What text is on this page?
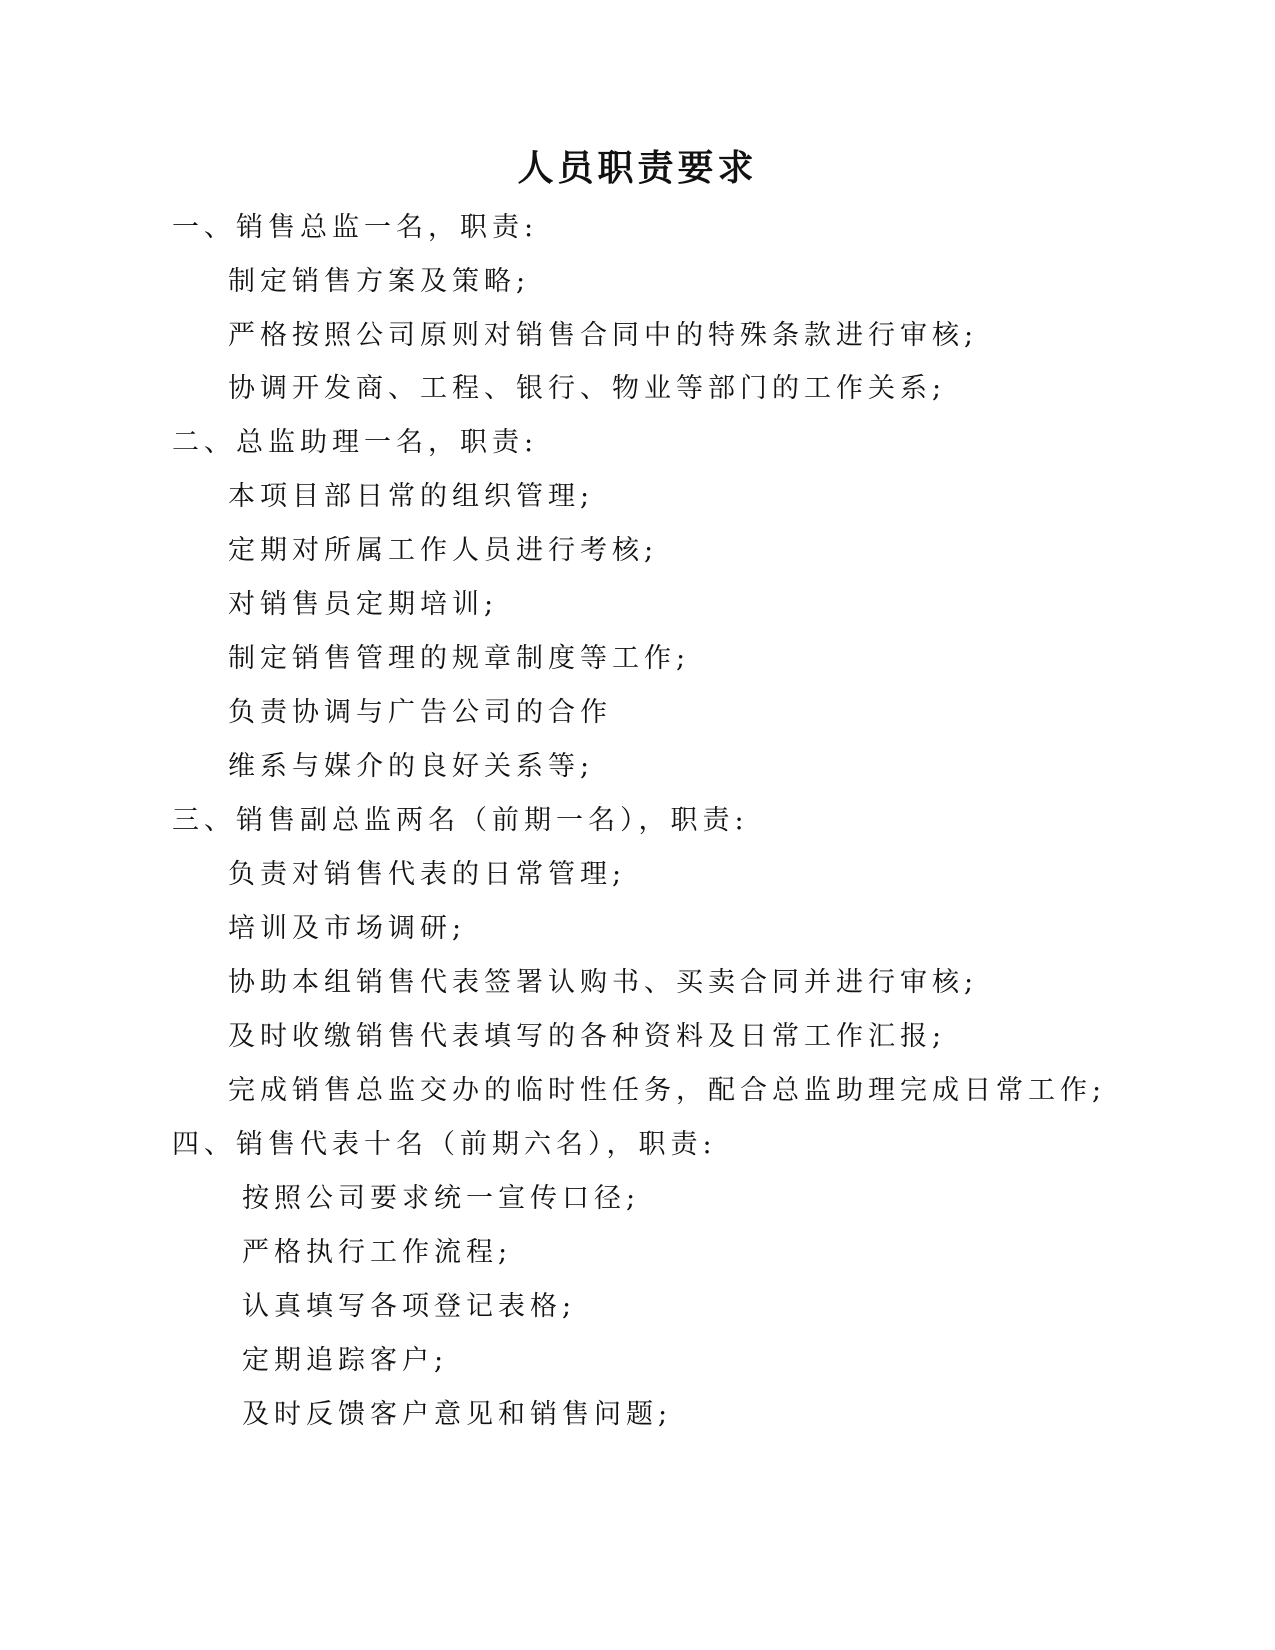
人员职责要求

一、销售总监一名，职责:

制定销售方案及策略;

严格按照公司原则对销售合同中的特殊条款进行审核;

协调开发商、工程、银行、物业等部门的工作关系;

二、总监助理一名，职责:

本项目部日常的组织管理;

定期对所属工作人员进行考核;

对销售员定期培训;

制定销售管理的规章制度等工作;

负责协调与广告公司的合作

维系与媒介的良好关系等;

三、销售副总监两名（前期一名），职责:

负责对销售代表的日常管理;

培训及市场调研;

协助本组销售代表签署认购书、买卖合同并进行审核;

及时收缴销售代表填写的各种资料及日常工作汇报;

完成销售总监交办的临时性任务，配合总监助理完成日常工作;

四、销售代表十名（前期六名），职责:

按照公司要求统一宣传口径;

严格执行工作流程;

认真填写各项登记表格;

定期追踪客户;

及时反馈客户意见和销售问题;
